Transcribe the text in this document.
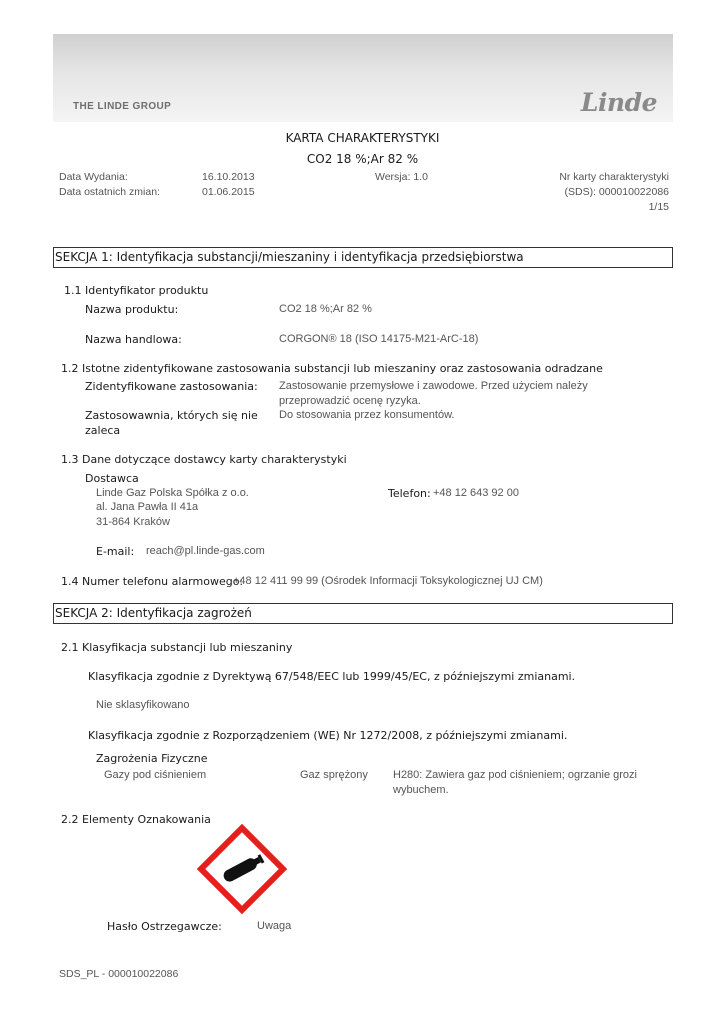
THE LINDE GROUP	Linde
KARTA CHARAKTERYSTYKI
CO2 18 %;Ar 82 %
Data Wydania:	16.10.2013	Wersja: 1.0	Nr karty charakterystyki
Data ostatnich zmian:	01.06.2015	(SDS): 000010022086
1/15
SEKCJA 1: Identyfikacja substancji/mieszaniny i identyfikacja przedsiębiorstwa
1.1 Identyfikator produktu
Nazwa produktu:	CO2 18 %;Ar 82 %
Nazwa handlowa:	CORGON® 18 (ISO 14175-M21-ArC-18)
1.2 Istotne zidentyfikowane zastosowania substancji lub mieszaniny oraz zastosowania odradzane
Zidentyfikowane zastosowania: Zastosowanie przemysłowe i zawodowe. Przed użyciem należy
przeprowadzić ocenę ryzyka.
Zastosowawnia, których się nie
zaleca
Do stosowania przez konsumentów.
1.3 Dane dotyczące dostawcy karty charakterystyki
Dostawca
Linde Gaz Polska Spółka z o.o.
al. Jana Pawła II 41a
31-864 Kraków
Telefon: +48 12 643 92 00
E-mail: reach@pl.linde-gas.com
1.4 Numer telefonu alarmowego:
+48 12 411 99 99 (Ośrodek Informacji Toksykologicznej UJ CM)
SEKCJA 2: Identyfikacja zagrożeń
2.1 Klasyfikacja substancji lub mieszaniny
Klasyfikacja zgodnie z Dyrektywą 67/548/EEC lub 1999/45/EC, z późniejszymi zmianami.
Nie sklasyfikowano
Klasyfikacja zgodnie z Rozporządzeniem (WE) Nr 1272/2008, z późniejszymi zmianami.
Zagrożenia Fizyczne
Gazy pod ciśnieniem	Gaz sprężony H280: Zawiera gaz pod ciśnieniem; ogrzanie grozi
wybuchem.
2.2 Elementy Oznakowania
Hasło Ostrzegawcze:	Uwaga
SDS_PL - 000010022086
